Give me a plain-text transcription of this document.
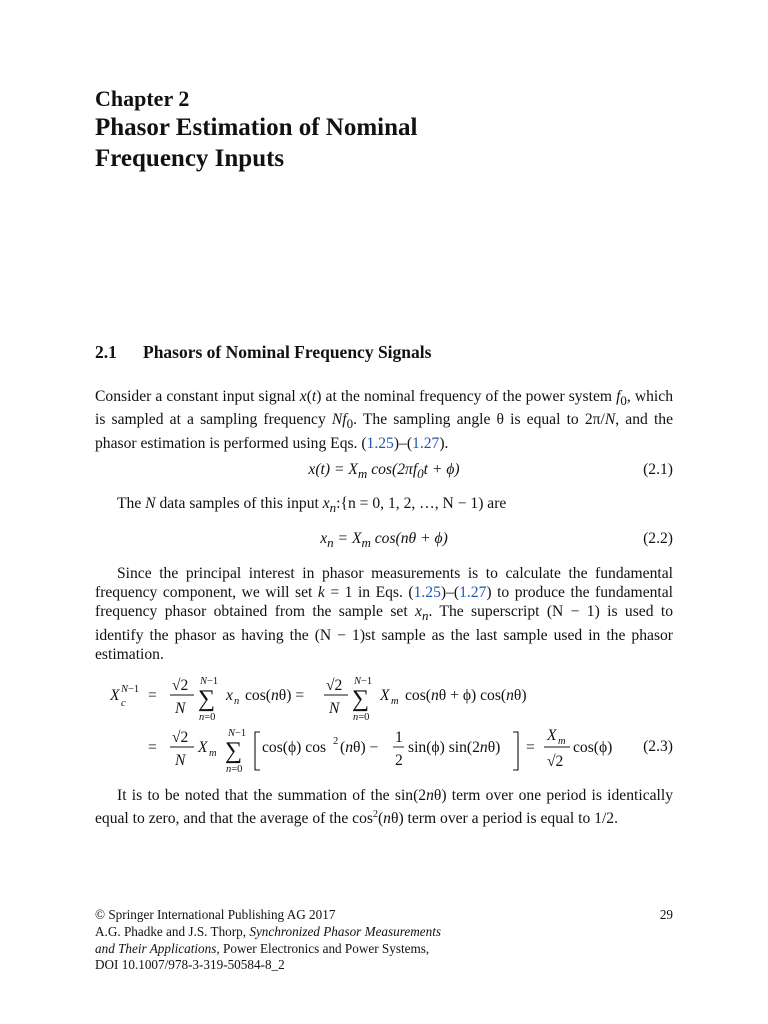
Chapter 2
Phasor Estimation of Nominal
Frequency Inputs
2.1 Phasors of Nominal Frequency Signals
Consider a constant input signal x(t) at the nominal frequency of the power system $f_0$, which is sampled at a sampling frequency $Nf_0$. The sampling angle θ is equal to 2π/N, and the phasor estimation is performed using Eqs. (1.25)–(1.27).
$x(t) = X_m$ $\cos(2\pi f_0t + \phi)$	(2.1)
The N data samples of this input $x_n:\{n = 0$, 1, 2, …, N − 1) are
$x_n = X_m$ cos(nθ + ϕ)	(2.2)
Since the principal interest in phasor measurements is to calculate the fundamental frequency component, we will set k = 1 in Eqs. (1.25)–(1.27) to produce the fundamental frequency phasor obtained from the sample set $x_n$. The superscript (N − 1) is used to identify the phasor as having the (N − 1)st sample as the last sample used in the phasor estimation.
X N−1
c =
√2
N
N−1
∑
n=0
x n cos(nθ) =
√2
N
N−1
∑
n=0
X m cos(nθ + ϕ) cos(nθ)
=
√2
N
X m
N−1
∑
n=0
cos(ϕ) cos 2 (nθ) −
1
2
sin(ϕ) sin(2nθ) =
X m
√2
cos(ϕ) (2.3)
It is to be noted that the summation of the sin(2nθ) term over one period is identically equal to zero, and that the average of the $\cos^2(n\theta)$ term over a period is equal to 1/2.
29
© Springer International Publishing AG 2017
A.G. Phadke and J.S. Thorp, Synchronized Phasor Measurements
and Their Applications, Power Electronics and Power Systems,
DOI 10.1007/978-3-319-50584-8_2
